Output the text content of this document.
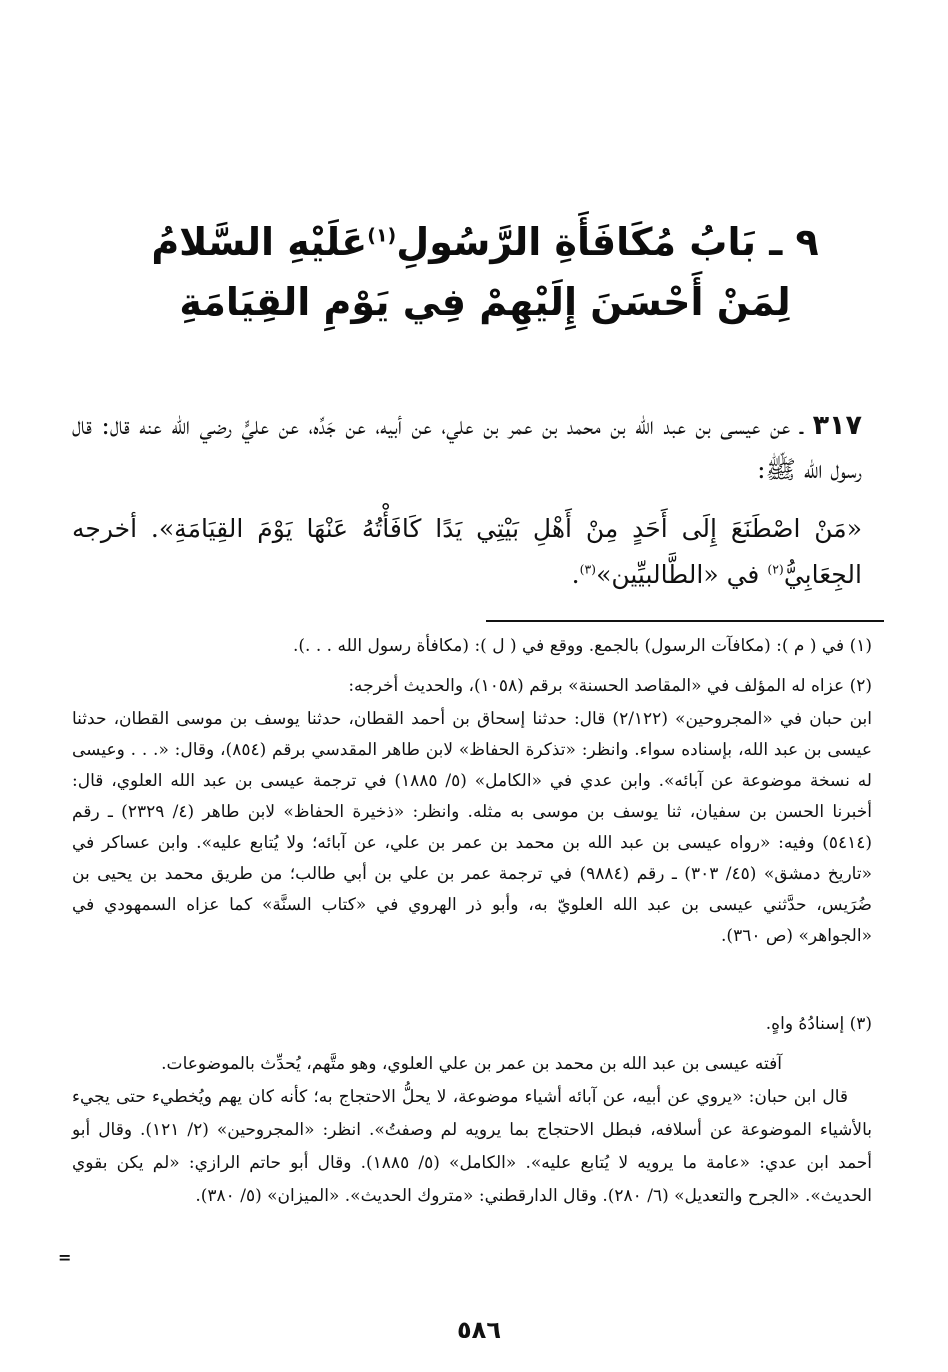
٩ ـ بَابُ مُكَافَأَةِ الرَّسُولِ$^{(١)}$عَلَيْهِ السَّلامُ
لِمَنْ أَحْسَنَ إِلَيْهِمْ فِي يَوْمِ القِيَامَةِ
٣١٧ ـ عن عيسى بن عبد الله بن محمد بن عمر بن علي، عن أبيه، عن جَدِّه، عن عليٍّ رضي الله عنه قال: قال رسول الله ﷺ:
«مَنْ اصْطَنَعَ إِلَى أَحَدٍ مِنْ أَهْلِ بَيْتِي يَدًا كَافَأْتُهُ عَنْهَا يَوْمَ القِيَامَةِ». أخرجه الجِعَابِيُّ$^{(٢)}$ في «الطَّالبيِّين»$^{(٣)}$.
(١) في ( م ): (مكافآت الرسول) بالجمع. ووقع في ( ل ): (مكافأة رسول الله . . .).
(٢) عزاه له المؤلف في «المقاصد الحسنة» برقم (١٠٥٨)، والحديث أخرجه:
ابن حبان في «المجروحين» (٢/١٢٢) قال: حدثنا إسحاق بن أحمد القطان، حدثنا يوسف بن موسى القطان، حدثنا عيسى بن عبد الله، بإسناده سواء. وانظر: «تذكرة الحفاظ» لابن طاهر المقدسي برقم (٨٥٤)، وقال: «. . . وعيسى له نسخة موضوعة عن آبائه». وابن عدي في «الكامل» (٥/ ١٨٨٥) في ترجمة عيسى بن عبد الله العلوي، قال: أخبرنا الحسن بن سفيان، ثنا يوسف بن موسى به مثله. وانظر: «ذخيرة الحفاظ» لابن طاهر (٤/ ٢٣٢٩) ـ رقم (٥٤١٤) وفيه: «رواه عيسى بن عبد الله بن محمد بن عمر بن علي، عن آبائه؛ ولا يُتابع عليه». وابن عساكر في «تاريخ دمشق» (٤٥/ ٣٠٣) ـ رقم (٩٨٨٤) في ترجمة عمر بن علي بن أبي طالب؛ من طريق محمد بن يحيى بن ضُرَيس، حدَّثني عيسى بن عبد الله العلويّ به، وأبو ذر الهروي في «كتاب السنَّة» كما عزاه السمهودي في «الجواهر» (ص ٣٦٠).
(٣) إسنادُهُ واهٍ.

آفته عيسى بن عبد الله بن محمد بن عمر بن علي العلوي، وهو متَّهم، يُحدِّث بالموضوعات.

قال ابن حبان: «يروي عن أبيه، عن آبائه أشياء موضوعة، لا يحلُّ الاحتجاج به؛ كأنه كان يهم ويُخطيء حتى يجيء بالأشياء الموضوعة عن أسلافه، فبطل الاحتجاج بما يرويه لم وصفتُ». انظر: «المجروحين» (٢/ ١٢١). وقال أبو أحمد ابن عدي: «عامة ما يرويه لا يُتابع عليه». «الكامل» (٥/ ١٨٨٥). وقال أبو حاتم الرازي: «لم يكن بقوي الحديث». «الجرح والتعديل» (٦/ ٢٨٠). وقال الدارقطني: «متروك الحديث». «الميزان» (٥/ ٣٨٠).

=
٥٨٦
